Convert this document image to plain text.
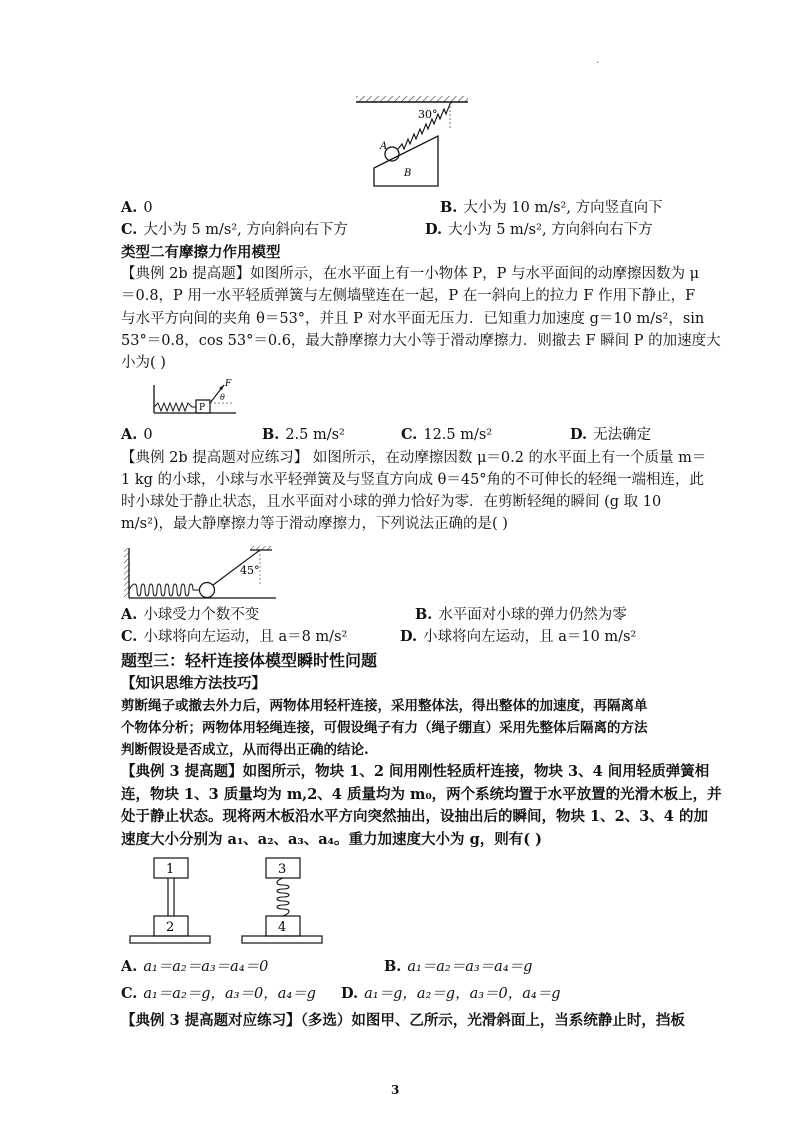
·
30°
A
B
A. 0	B. 大小为 10 m/s², 方向竖直向下
C. 大小为 5 m/s², 方向斜向右下方	D. 大小为 5 m/s², 方向斜向右下方
类型二有摩擦力作用模型
【典例 2b 提高题】如图所示，在水平面上有一小物体 P，P 与水平面间的动摩擦因数为 μ
＝0.8，P 用一水平轻质弹簧与左侧墙壁连在一起，P 在一斜向上的拉力 F 作用下静止，F
与水平方向间的夹角 θ＝53°，并且 P 对水平面无压力．已知重力加速度 g＝10 m/s²，sin
53°＝0.8，cos 53°＝0.6，最大静摩擦力大小等于滑动摩擦力．则撤去 F 瞬间 P 的加速度大
小为( )
P
F
θ
A. 0	B. 2.5 m/s²	C. 12.5 m/s²	D. 无法确定
【典例 2b 提高题对应练习】 如图所示，在动摩擦因数 μ＝0.2 的水平面上有一个质量 m＝
1 kg 的小球，小球与水平轻弹簧及与竖直方向成 θ＝45°角的不可伸长的轻绳一端相连，此
时小球处于静止状态，且水平面对小球的弹力恰好为零．在剪断轻绳的瞬间 (g 取 10
m/s²)，最大静摩擦力等于滑动摩擦力，下列说法正确的是( )
45°
A. 小球受力个数不变	B. 水平面对小球的弹力仍然为零
C. 小球将向左运动，且 a＝8 m/s²	D. 小球将向左运动，且 a＝10 m/s²
题型三：轻杆连接体模型瞬时性问题
【知识思维方法技巧】
剪断绳子或撤去外力后，两物体用轻杆连接，采用整体法，得出整体的加速度，再隔离单
个物体分析；两物体用轻绳连接，可假设绳子有力（绳子绷直）采用先整体后隔离的方法
判断假设是否成立，从而得出正确的结论.
【典例 3 提高题】如图所示，物块 1、2 间用刚性轻质杆连接，物块 3、4 间用轻质弹簧相
连，物块 1、3 质量均为 m,2、4 质量均为 m₀，两个系统均置于水平放置的光滑木板上，并
处于静止状态。现将两木板沿水平方向突然抽出，设抽出后的瞬间，物块 1、2、3、4 的加
速度大小分别为 a₁、a₂、a₃、a₄。重力加速度大小为 g，则有( )
1
2
3
4
A. a₁＝a₂＝a₃＝a₄＝0	B. a₁＝a₂＝a₃＝a₄＝g
C. a₁＝a₂＝g，a₃＝0，a₄＝g D. a₁＝g，a₂＝g，a₃＝0，a₄＝g
【典例 3 提高题对应练习】（多选）如图甲、乙所示，光滑斜面上，当系统静止时，挡板
3
